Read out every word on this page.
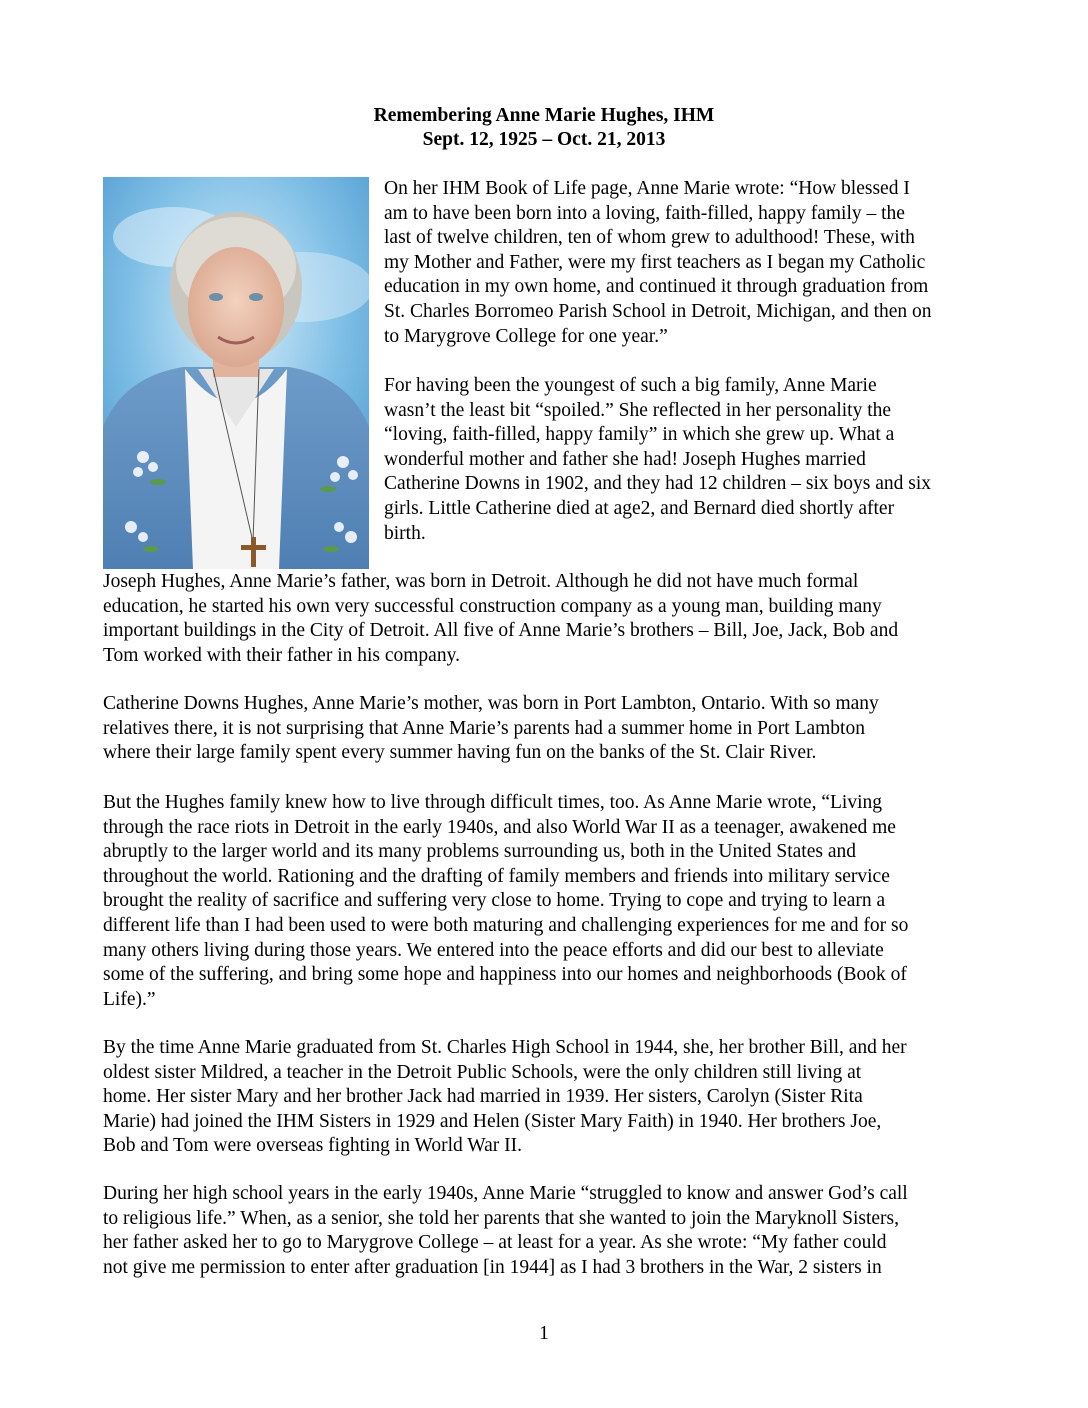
Remembering Anne Marie Hughes, IHM
Sept. 12, 1925 – Oct. 21, 2013
On her IHM Book of Life page, Anne Marie wrote: “How blessed I
am to have been born into a loving, faith-filled, happy family – the
last of twelve children, ten of whom grew to adulthood! These, with
my Mother and Father, were my first teachers as I began my Catholic
education in my own home, and continued it through graduation from
St. Charles Borromeo Parish School in Detroit, Michigan, and then on
to Marygrove College for one year.”
For having been the youngest of such a big family, Anne Marie
wasn’t the least bit “spoiled.” She reflected in her personality the
“loving, faith-filled, happy family” in which she grew up. What a
wonderful mother and father she had! Joseph Hughes married
Catherine Downs in 1902, and they had 12 children – six boys and six
girls. Little Catherine died at age2, and Bernard died shortly after
birth.
Joseph Hughes, Anne Marie’s father, was born in Detroit. Although he did not have much formal
education, he started his own very successful construction company as a young man, building many
important buildings in the City of Detroit. All five of Anne Marie’s brothers – Bill, Joe, Jack, Bob and
Tom worked with their father in his company.
Catherine Downs Hughes, Anne Marie’s mother, was born in Port Lambton, Ontario. With so many
relatives there, it is not surprising that Anne Marie’s parents had a summer home in Port Lambton
where their large family spent every summer having fun on the banks of the St. Clair River.
But the Hughes family knew how to live through difficult times, too. As Anne Marie wrote, “Living
through the race riots in Detroit in the early 1940s, and also World War II as a teenager, awakened me
abruptly to the larger world and its many problems surrounding us, both in the United States and
throughout the world. Rationing and the drafting of family members and friends into military service
brought the reality of sacrifice and suffering very close to home. Trying to cope and trying to learn a
different life than I had been used to were both maturing and challenging experiences for me and for so
many others living during those years. We entered into the peace efforts and did our best to alleviate
some of the suffering, and bring some hope and happiness into our homes and neighborhoods (Book of
Life).”
By the time Anne Marie graduated from St. Charles High School in 1944, she, her brother Bill, and her
oldest sister Mildred, a teacher in the Detroit Public Schools, were the only children still living at
home. Her sister Mary and her brother Jack had married in 1939. Her sisters, Carolyn (Sister Rita
Marie) had joined the IHM Sisters in 1929 and Helen (Sister Mary Faith) in 1940. Her brothers Joe,
Bob and Tom were overseas fighting in World War II.
During her high school years in the early 1940s, Anne Marie “struggled to know and answer God’s call
to religious life.” When, as a senior, she told her parents that she wanted to join the Maryknoll Sisters,
her father asked her to go to Marygrove College – at least for a year. As she wrote: “My father could
not give me permission to enter after graduation [in 1944] as I had 3 brothers in the War, 2 sisters in
1
